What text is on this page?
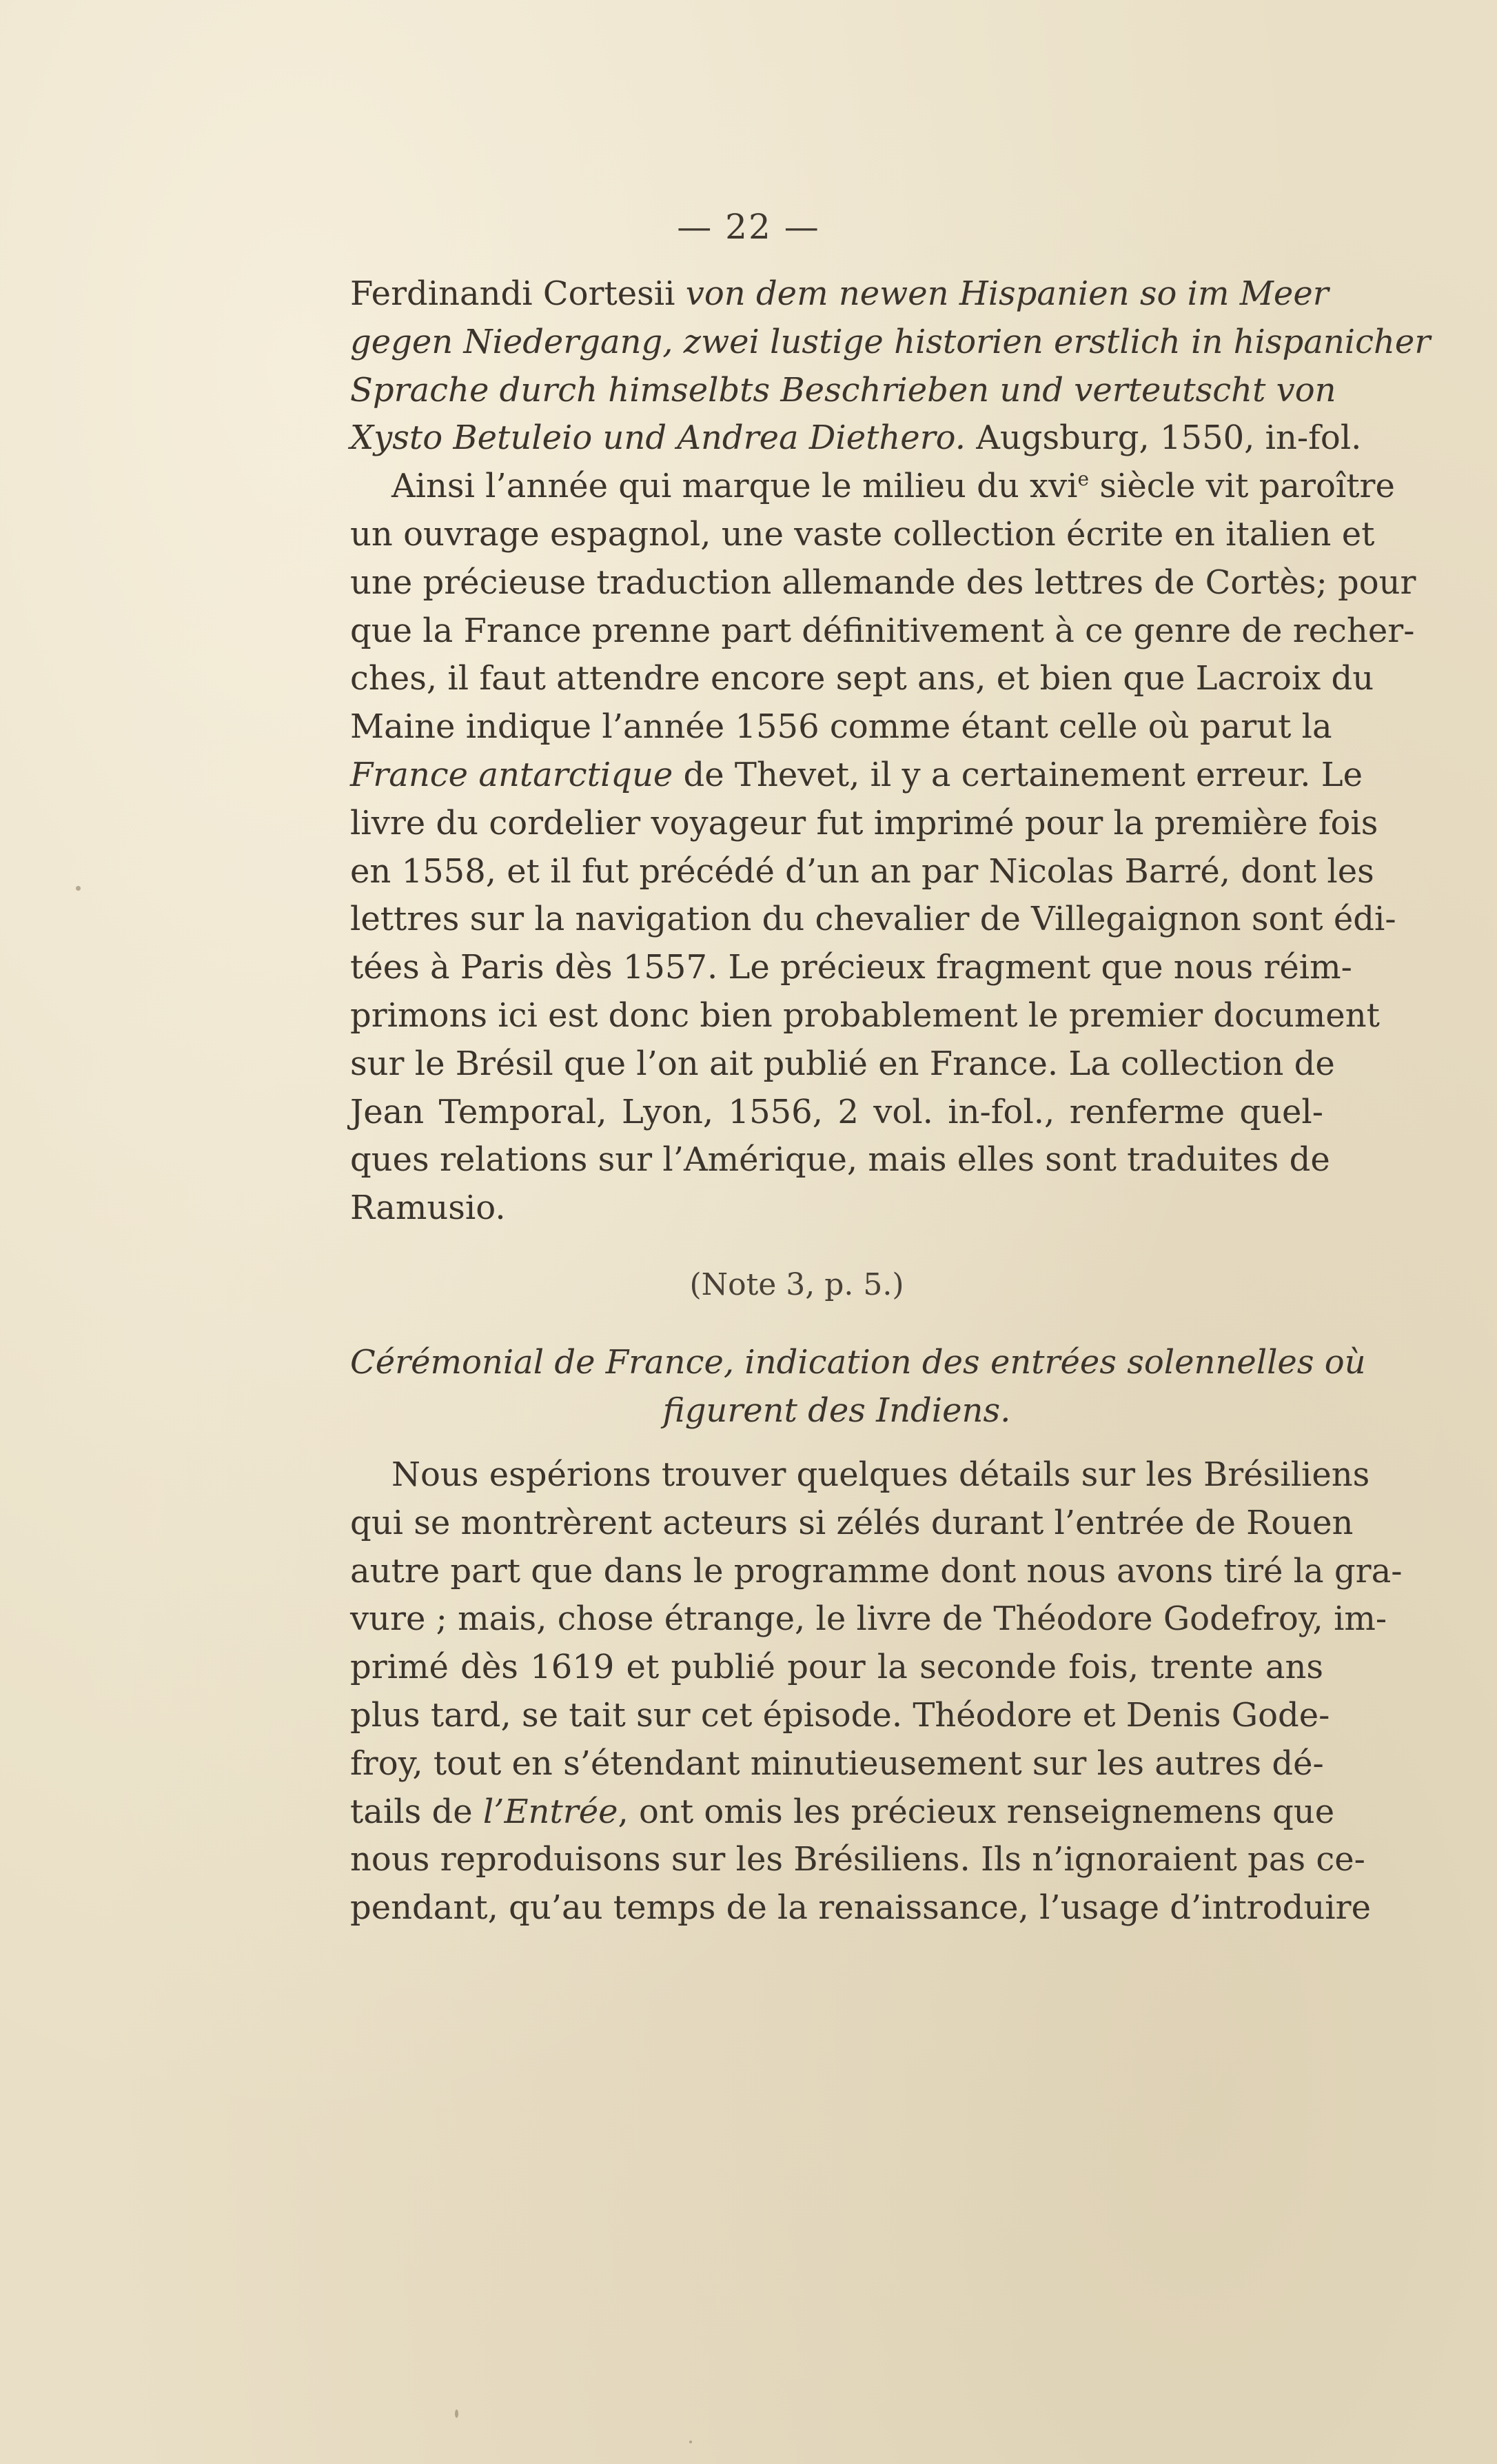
— 22 —
Ferdinandi Cortesii von dem newen Hispanien so im Meer
gegen Niedergang, zwei lustige historien erstlich in hispanicher
Sprache durch himselbts Beschrieben und verteutscht von
Xysto Betuleio und Andrea Diethero. Augsburg, 1550, in-fol.
Ainsi l’année qui marque le milieu du xvi$^e$ siècle vit paroître
un ouvrage espagnol, une vaste collection écrite en italien et
une précieuse traduction allemande des lettres de Cortès; pour
que la France prenne part définitivement à ce genre de recher-
ches, il faut attendre encore sept ans, et bien que Lacroix du
Maine indique l’année 1556 comme étant celle où parut la
France antarctique de Thevet, il y a certainement erreur. Le
livre du cordelier voyageur fut imprimé pour la première fois
en 1558, et il fut précédé d’un an par Nicolas Barré, dont les
lettres sur la navigation du chevalier de Villegaignon sont édi-
tées à Paris dès 1557. Le précieux fragment que nous réim-
primons ici est donc bien probablement le premier document
sur le Brésil que l’on ait publié en France. La collection de
Jean Temporal, Lyon, 1556, 2 vol. in-fol., renferme quel-
ques relations sur l’Amérique, mais elles sont traduites de
Ramusio.
(Note 3, p. 5.)
Cérémonial de France, indication des entrées solennelles où
figurent des Indiens.
Nous espérions trouver quelques détails sur les Brésiliens
qui se montrèrent acteurs si zélés durant l’entrée de Rouen
autre part que dans le programme dont nous avons tiré la gra-
vure ; mais, chose étrange, le livre de Théodore Godefroy, im-
primé dès 1619 et publié pour la seconde fois, trente ans
plus tard, se tait sur cet épisode. Théodore et Denis Gode-
froy, tout en s’étendant minutieusement sur les autres dé-
tails de l’Entrée, ont omis les précieux renseignemens que
nous reproduisons sur les Brésiliens. Ils n’ignoraient pas ce-
pendant, qu’au temps de la renaissance, l’usage d’introduire
